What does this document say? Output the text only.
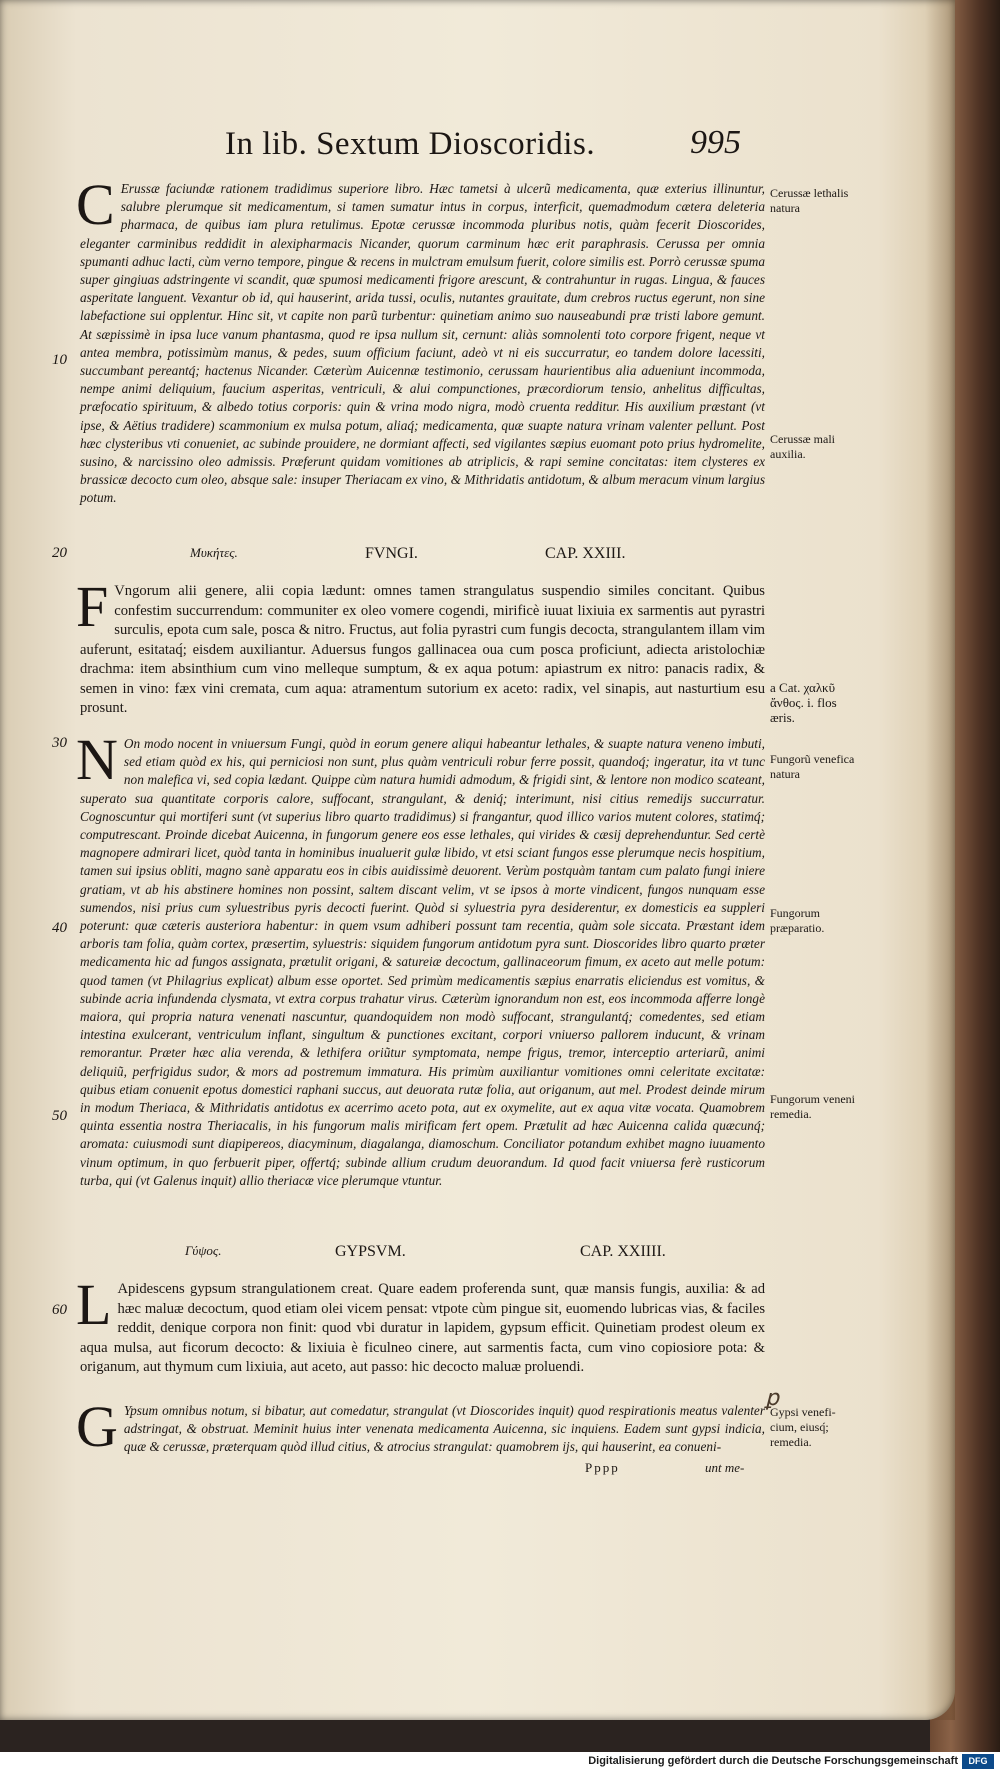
In lib. Sextum Dioscoridis.	995
10
20
30
40
50
60
C Erussæ faciundæ rationem tradidimus superiore libro. Hæc tametsi à ulcerũ medicamenta, quæ exterius illinuntur, salubre plerumque sit medicamentum, si tamen sumatur intus in corpus, interficit, quemadmodum cætera deleteria pharmaca, de quibus iam plura retulimus. Epotæ cerussæ incommoda pluribus notis, quàm fecerit Dioscorides, eleganter carminibus reddidit in alexipharmacis Nicander, quorum carminum hæc erit paraphrasis. Cerussa per omnia spumanti adhuc lacti, cùm verno tempore, pingue & recens in mulctram emulsum fuerit, colore similis est. Porrò cerussæ spuma super gingiuas adstringente vi scandit, quæ spumosi medicamenti frigore arescunt, & contrahuntur in rugas. Lingua, & fauces asperitate languent. Vexantur ob id, qui hauserint, arida tussi, oculis, nutantes grauitate, dum crebros ructus egerunt, non sine labefactione sui opplentur. Hinc sit, vt capite non parũ turbentur: quinetiam animo suo nauseabundi præ tristi labore gemunt. At sæpissimè in ipsa luce vanum phantasma, quod re ipsa nullum sit, cernunt: aliàs somnolenti toto corpore frigent, neque vt antea membra, potissimùm manus, & pedes, suum officium faciunt, adeò vt ni eis succurratur, eo tandem dolore lacessiti, succumbant pereantq́; hactenus Nicander. Cæterùm Auicennæ testimonio, cerussam haurientibus alia adueniunt incommoda, nempe animi deliquium, faucium asperitas, ventriculi, & alui compunctiones, præcordiorum tensio, anhelitus difficultas, præfocatio spirituum, & albedo totius corporis: quin & vrina modo nigra, modò cruenta redditur. His auxilium præstant (vt ipse, & Aëtius tradidere) scammonium ex mulsa potum, aliaq́; medicamenta, quæ suapte natura vrinam valenter pellunt. Post hæc clysteribus vti conueniet, ac subinde prouidere, ne dormiant affecti, sed vigilantes sæpius euomant poto prius hydromelite, susino, & narcissino oleo admissis. Præferunt quidam vomitiones ab atriplicis, & rapi semine concitatas: item clysteres ex brassicæ decocto cum oleo, absque sale: insuper Theriacam ex vino, & Mithridatis antidotum, & album meracum vinum largius potum.

Cerussæ lethalis natura
Cerussæ mali auxilia.
Μυκήτες.	FVNGI.	CAP. XXIII.
F Vngorum alii genere, alii copia lædunt: omnes tamen strangulatus suspendio similes concitant. Quibus confestim succurrendum: communiter ex oleo vomere cogendi, mirificè iuuat lixiuia ex sarmentis aut pyrastri surculis, epota cum sale, posca & nitro. Fructus, aut folia pyrastri cum fungis decocta, strangulantem illam vim auferunt, esitataq́; eisdem auxiliantur. Aduersus fungos gallinacea oua cum posca proficiunt, adiecta aristolochiæ drachma: item absinthium cum vino melleque sumptum, & ex aqua potum: apiastrum ex nitro: panacis radix, & semen in vino: fæx vini cremata, cum aqua: atramentum sutorium ex aceto: radix, vel sinapis, aut nasturtium esu prosunt.

a Cat. χαλκῦ ἄνθος. i. flos æris.
N On modo nocent in vniuersum Fungi, quòd in eorum genere aliqui habeantur lethales, & suapte natura veneno imbuti, sed etiam quòd ex his, qui perniciosi non sunt, plus quàm ventriculi robur ferre possit, quandoq́; ingeratur, ita vt tunc non malefica vi, sed copia lædant. Quippe cùm natura humidi admodum, & frigidi sint, & lentore non modico scateant, superato sua quantitate corporis calore, suffocant, strangulant, & deniq́; interimunt, nisi citius remedijs succurratur. Cognoscuntur qui mortiferi sunt (vt superius libro quarto tradidimus) si frangantur, quod illico varios mutent colores, statimq́; computrescant. Proinde dicebat Auicenna, in fungorum genere eos esse lethales, qui virides & cæsij deprehenduntur. Sed certè magnopere admirari licet, quòd tanta in hominibus inualuerit gulæ libido, vt etsi sciant fungos esse plerumque necis hospitium, tamen sui ipsius obliti, magno sanè apparatu eos in cibis auidissimè deuorent. Verùm postquàm tantam cum palato fungi iniere gratiam, vt ab his abstinere homines non possint, saltem discant velim, vt se ipsos à morte vindicent, fungos nunquam esse sumendos, nisi prius cum syluestribus pyris decocti fuerint. Quòd si syluestria pyra desiderentur, ex domesticis ea suppleri poterunt: quæ cæteris austeriora habentur: in quem vsum adhiberi possunt tam recentia, quàm sole siccata. Præstant idem arboris tam folia, quàm cortex, præsertim, syluestris: siquidem fungorum antidotum pyra sunt. Dioscorides libro quarto præter medicamenta hic ad fungos assignata, prætulit origani, & satureiæ decoctum, gallinaceorum fimum, ex aceto aut melle potum: quod tamen (vt Philagrius explicat) album esse oportet. Sed primùm medicamentis sæpius enarratis eliciendus est vomitus, & subinde acria infundenda clysmata, vt extra corpus trahatur virus. Cæterùm ignorandum non est, eos incommoda afferre longè maiora, qui propria natura venenati nascuntur, quandoquidem non modò suffocant, strangulantq́; comedentes, sed etiam intestina exulcerant, ventriculum inflant, singultum & punctiones excitant, corpori vniuerso pallorem inducunt, & vrinam remorantur. Præter hæc alia verenda, & lethifera oriũtur symptomata, nempe frigus, tremor, interceptio arteriarũ, animi deliquiũ, perfrigidus sudor, & mors ad postremum immatura. His primùm auxiliantur vomitiones omni celeritate excitatæ: quibus etiam conuenit epotus domestici raphani succus, aut deuorata rutæ folia, aut origanum, aut mel. Prodest deinde mirum in modum Theriaca, & Mithridatis antidotus ex acerrimo aceto pota, aut ex oxymelite, aut ex aqua vitæ vocata. Quamobrem quinta essentia nostra Theriacalis, in his fungorum malis mirificam fert opem. Prætulit ad hæc Auicenna calida quæcunq́; aromata: cuiusmodi sunt diapipereos, diacyminum, diagalanga, diamoschum. Conciliator potandum exhibet magno iuuamento vinum optimum, in quo ferbuerit piper, offertq́; subinde allium crudum deuorandum. Id quod facit vniuersa ferè rusticorum turba, qui (vt Galenus inquit) allio theriacæ vice plerumque vtuntur.

Fungorũ venefica natura
Fungorum præparatio.
Fungorum veneni remedia.
Γύψος.	GYPSVM.	CAP. XXIIII.
L Apidescens gypsum strangulationem creat. Quare eadem proferenda sunt, quæ mansis fungis, auxilia: & ad hæc maluæ decoctum, quod etiam olei vicem pensat: vtpote cùm pingue sit, euomendo lubricas vias, & faciles reddit, denique corpora non finit: quod vbi duratur in lapidem, gypsum efficit. Quinetiam prodest oleum ex aqua mulsa, aut ficorum decocto: & lixiuia è ficulneo cinere, aut sarmentis facta, cum vino copiosiore pota: & origanum, aut thymum cum lixiuia, aut aceto, aut passo: hic decocto maluæ proluendi.

G Ypsum omnibus notum, si bibatur, aut comedatur, strangulat (vt Dioscorides inquit) quod respirationis meatus valenter adstringat, & obstruat. Meminit huius inter venenata medicamenta Auicenna, sic inquiens. Eadem sunt gypsi indicia, quæ & cerussæ, præterquam quòd illud citius, & atrocius strangulat: quamobrem ijs, qui hauserint, ea conueni-

Gypsi venefi-cium, eiusq́; remedia.
ꝑ
Pppp	unt me-
Digitalisierung gefördert durch die Deutsche Forschungsgemeinschaft	DFG
